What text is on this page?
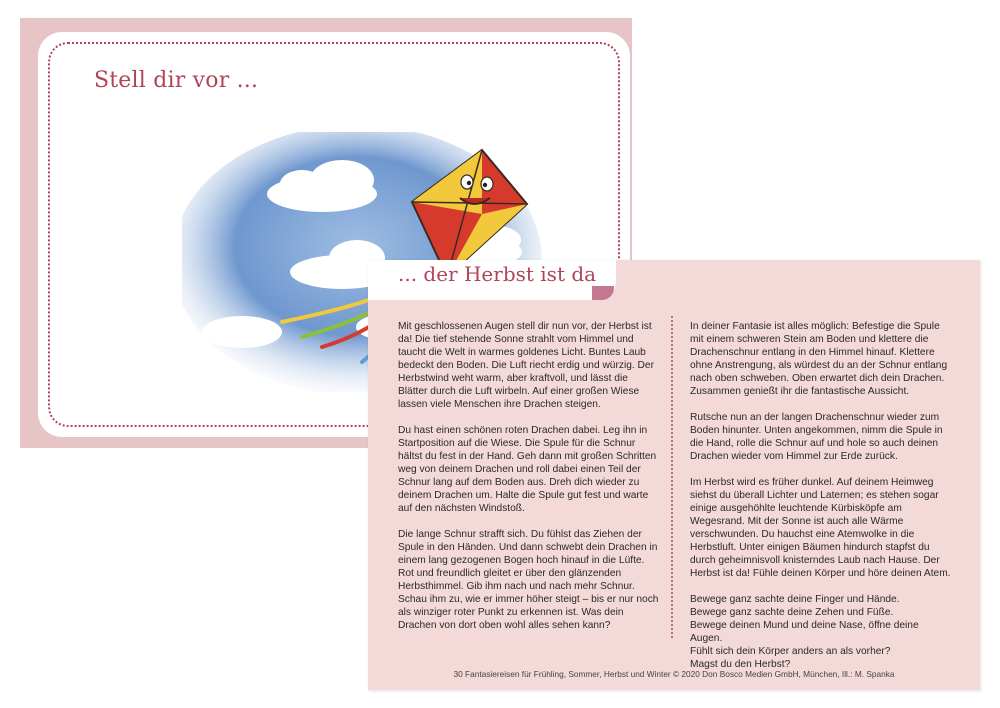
Stell dir vor ...
... der Herbst ist da

Mit geschlossenen Augen stell dir nun vor, der Herbst ist da! Die tief stehende Sonne strahlt vom Himmel und taucht die Welt in warmes goldenes Licht. Buntes Laub bedeckt den Boden. Die Luft riecht erdig und würzig. Der Herbstwind weht warm, aber kraftvoll, und lässt die Blätter durch die Luft wirbeln. Auf einer großen Wiese lassen viele Menschen ihre Drachen steigen.

Du hast einen schönen roten Drachen dabei. Leg ihn in Startposition auf die Wiese. Die Spule für die Schnur hältst du fest in der Hand. Geh dann mit großen Schritten weg von deinem Drachen und roll dabei einen Teil der Schnur lang auf dem Boden aus. Dreh dich wieder zu deinem Drachen um. Halte die Spule gut fest und warte auf den nächsten Windstoß.

Die lange Schnur strafft sich. Du fühlst das Ziehen der Spule in den Händen. Und dann schwebt dein Drachen in einem lang gezogenen Bogen hoch hinauf in die Lüfte. Rot und freundlich gleitet er über den glänzenden Herbsthimmel. Gib ihm nach und nach mehr Schnur. Schau ihm zu, wie er immer höher steigt – bis er nur noch als winziger roter Punkt zu erkennen ist. Was dein Drachen von dort oben wohl alles sehen kann?

In deiner Fantasie ist alles möglich: Befestige die Spule mit einem schweren Stein am Boden und klettere die Drachenschnur entlang in den Himmel hinauf. Klettere ohne Anstrengung, als würdest du an der Schnur entlang nach oben schweben. Oben erwartet dich dein Drachen. Zusammen genießt ihr die fantastische Aussicht.

Rutsche nun an der langen Drachenschnur wieder zum Boden hinunter. Unten angekommen, nimm die Spule in die Hand, rolle die Schnur auf und hole so auch deinen Drachen wieder vom Himmel zur Erde zurück.

Im Herbst wird es früher dunkel. Auf deinem Heimweg siehst du überall Lichter und Laternen; es stehen sogar einige ausgehöhlte leuchtende Kürbisköpfe am Wegesrand. Mit der Sonne ist auch alle Wärme verschwunden. Du hauchst eine Atemwolke in die Herbstluft. Unter einigen Bäumen hindurch stapfst du durch geheimnisvoll knisterndes Laub nach Hause. Der Herbst ist da! Fühle deinen Körper und höre deinen Atem.

Bewege ganz sachte deine Finger und Hände.
Bewege ganz sachte deine Zehen und Füße.
Bewege deinen Mund und deine Nase, öffne deine Augen.
Fühlt sich dein Körper anders an als vorher?
Magst du den Herbst?

30 Fantasiereisen für Frühling, Sommer, Herbst und Winter © 2020 Don Bosco Medien GmbH, München, Ill.: M. Spanka
